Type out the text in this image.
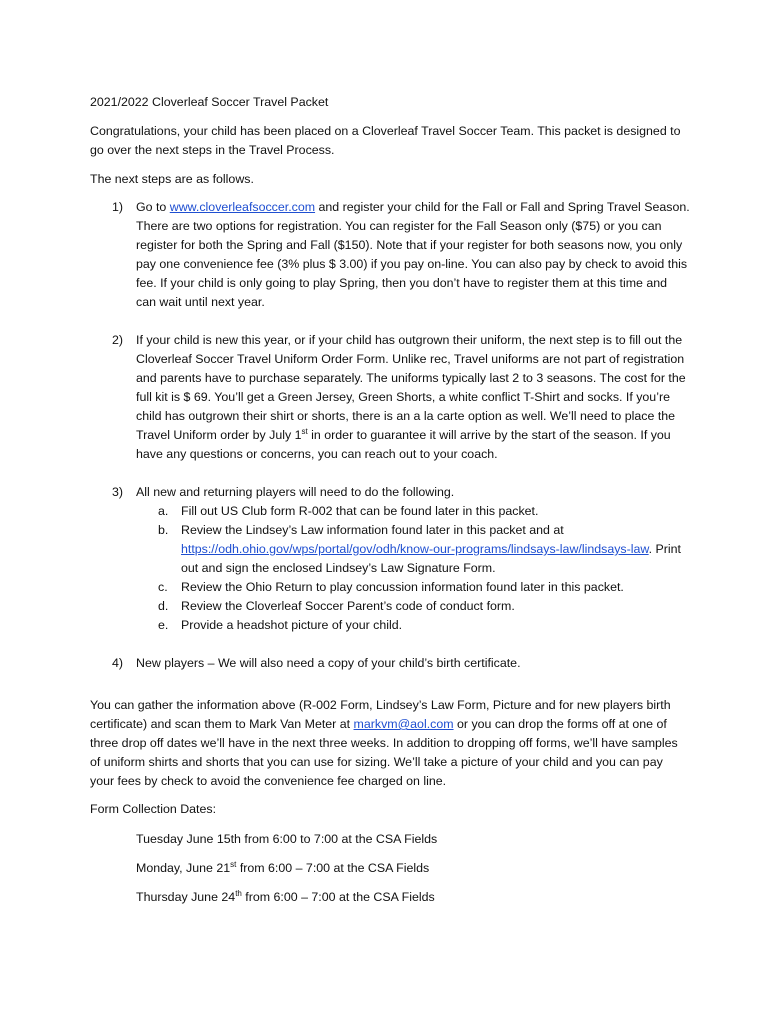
2021/2022 Cloverleaf Soccer Travel Packet
Congratulations, your child has been placed on a Cloverleaf Travel Soccer Team. This packet is designed to go over the next steps in the Travel Process.
The next steps are as follows.
1) Go to www.cloverleafsoccer.com and register your child for the Fall or Fall and Spring Travel Season. There are two options for registration. You can register for the Fall Season only ($75) or you can register for both the Spring and Fall ($150). Note that if your register for both seasons now, you only pay one convenience fee (3% plus $ 3.00) if you pay on-line. You can also pay by check to avoid this fee. If your child is only going to play Spring, then you don’t have to register them at this time and can wait until next year.
2) If your child is new this year, or if your child has outgrown their uniform, the next step is to fill out the Cloverleaf Soccer Travel Uniform Order Form. Unlike rec, Travel uniforms are not part of registration and parents have to purchase separately. The uniforms typically last 2 to 3 seasons. The cost for the full kit is $ 69. You’ll get a Green Jersey, Green Shorts, a white conflict T-Shirt and socks. If you’re child has outgrown their shirt or shorts, there is an a la carte option as well. We’ll need to place the Travel Uniform order by July 1st in order to guarantee it will arrive by the start of the season. If you have any questions or concerns, you can reach out to your coach.
3) All new and returning players will need to do the following.
a. Fill out US Club form R-002 that can be found later in this packet.
b. Review the Lindsey’s Law information found later in this packet and at https://odh.ohio.gov/wps/portal/gov/odh/know-our-programs/lindsays-law/lindsays-law. Print out and sign the enclosed Lindsey’s Law Signature Form.
c. Review the Ohio Return to play concussion information found later in this packet.
d. Review the Cloverleaf Soccer Parent’s code of conduct form.
e. Provide a headshot picture of your child.
4) New players – We will also need a copy of your child’s birth certificate.
You can gather the information above (R-002 Form, Lindsey’s Law Form, Picture and for new players birth certificate) and scan them to Mark Van Meter at markvm@aol.com or you can drop the forms off at one of three drop off dates we’ll have in the next three weeks. In addition to dropping off forms, we’ll have samples of uniform shirts and shorts that you can use for sizing. We’ll take a picture of your child and you can pay your fees by check to avoid the convenience fee charged on line.
Form Collection Dates:
Tuesday June 15th from 6:00 to 7:00 at the CSA Fields
Monday, June 21st from 6:00 – 7:00 at the CSA Fields
Thursday June 24th from 6:00 – 7:00 at the CSA Fields
